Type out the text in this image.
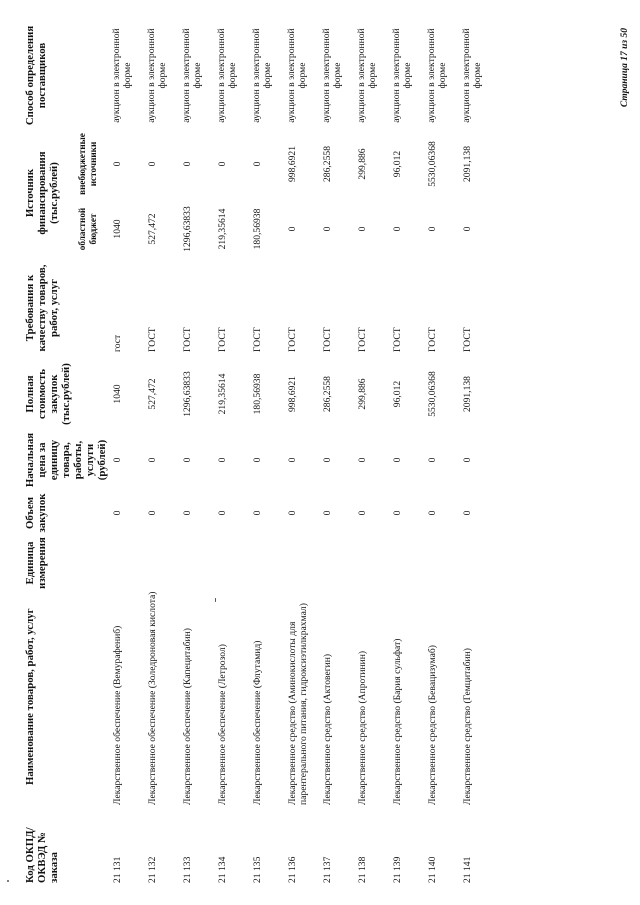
Код ОКПД/ ОКВЭД № заказа	Наименование товаров, работ, услуг	Единица измерения	Объем закупок	Начальная цена за единицу товара, работы, услуги (рублей)	Полная стоимость закупок (тыс.рублей)	Требования к качеству товаров, работ, услуг	Источник финансирования (тыс.рублей)		Способ определения поставщиков
							областной бюджет	внебюджетные источники	
21 131	Лекарственное обеспечение (Вемурафениб)		0	0	1040	гост	1040	0	аукцион в электронной форме
21 132	Лекарственное обеспечение (Золедроновая кислота)		0	0	527,472	ГОСТ	527,472	0	аукцион в электронной форме
21 133	Лекарственное обеспечение (Капецитабин)		0	0	1296,63833	ГОСТ	1296,63833	0	аукцион в электронной форме
21 134	Лекарственное обеспечение (Летрозол)		0	0	219,35614	ГОСТ	219,35614	0	аукцион в электронной форме
21 135	Лекарственное обеспечение (Флутамид)		0	0	180,56938	ГОСТ	180,56938	0	аукцион в электронной форме
21 136	Лекарственное средство (Аминокислоты для парентерального питания, гидроксиэтилкрахмал)		0	0	998,6921	ГОСТ	0	998,6921	аукцион в электронной форме
21 137	Лекарственное средство (Актовегин)		0	0	286,2558	ГОСТ	0	286,2558	аукцион в электронной форме
21 138	Лекарственное средство (Апротинин)		0	0	299,886	ГОСТ	0	299,886	аукцион в электронной форме
21 139	Лекарственное средство (Бария сульфат)		0	0	96,012	ГОСТ	0	96,012	аукцион в электронной форме
21 140	Лекарственное средство (Бевацизумаб)		0	0	5530,06368	ГОСТ	0	5530,06368	аукцион в электронной форме
21 141	Лекарственное средство (Гемцитабин)		0	0	2091,138	ГОСТ	0	2091,138	аукцион в электронной форме	Страница 17 из 50
